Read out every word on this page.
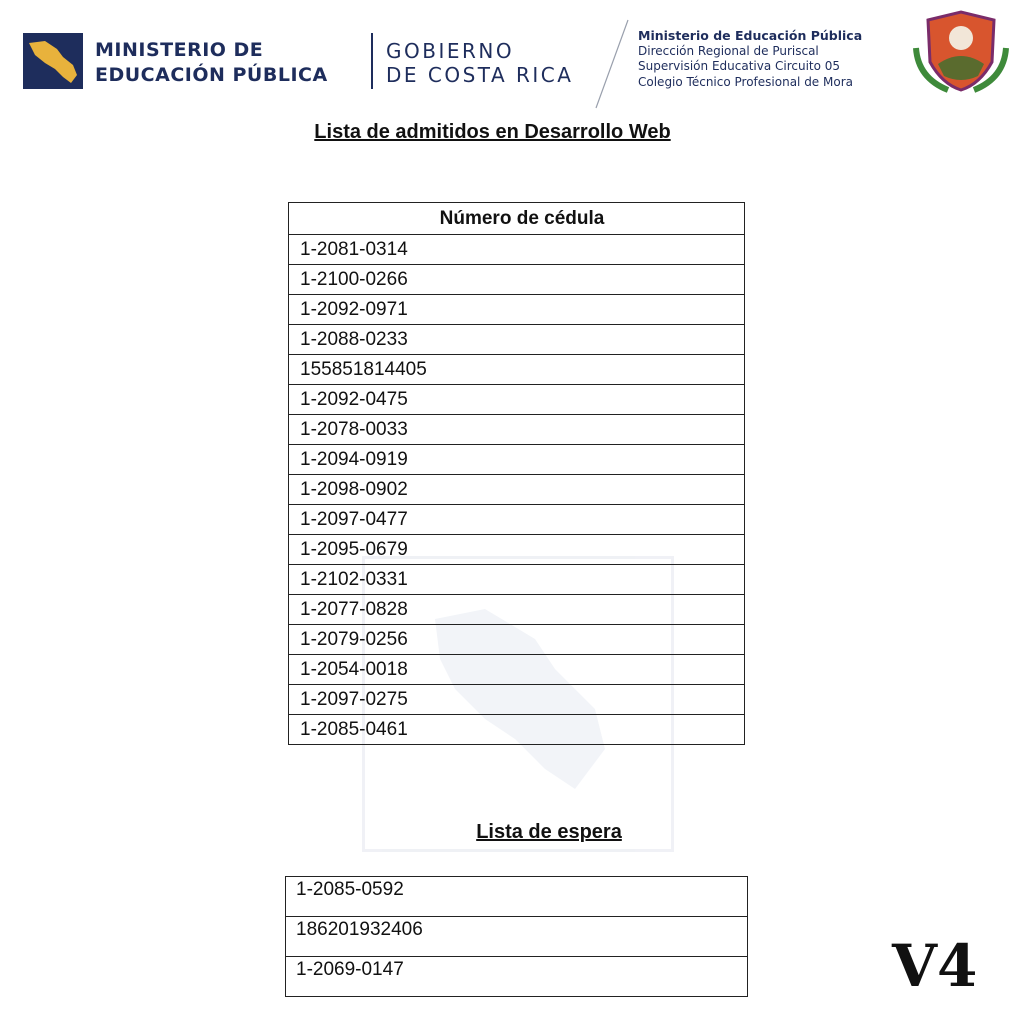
MINISTERIO DE
EDUCACIÓN PÚBLICA
GOBIERNO
DE COSTA RICA
Ministerio de Educación Pública
Dirección Regional de Puriscal
Supervisión Educativa Circuito 05
Colegio Técnico Profesional de Mora
Lista de admitidos en Desarrollo Web
Número de cédula
1-2081-0314
1-2100-0266
1-2092-0971
1-2088-0233
155851814405
1-2092-0475
1-2078-0033
1-2094-0919
1-2098-0902
1-2097-0477
1-2095-0679
1-2102-0331
1-2077-0828
1-2079-0256
1-2054-0018
1-2097-0275
1-2085-0461
Lista de espera
1-2085-0592
186201932406
1-2069-0147	V4
